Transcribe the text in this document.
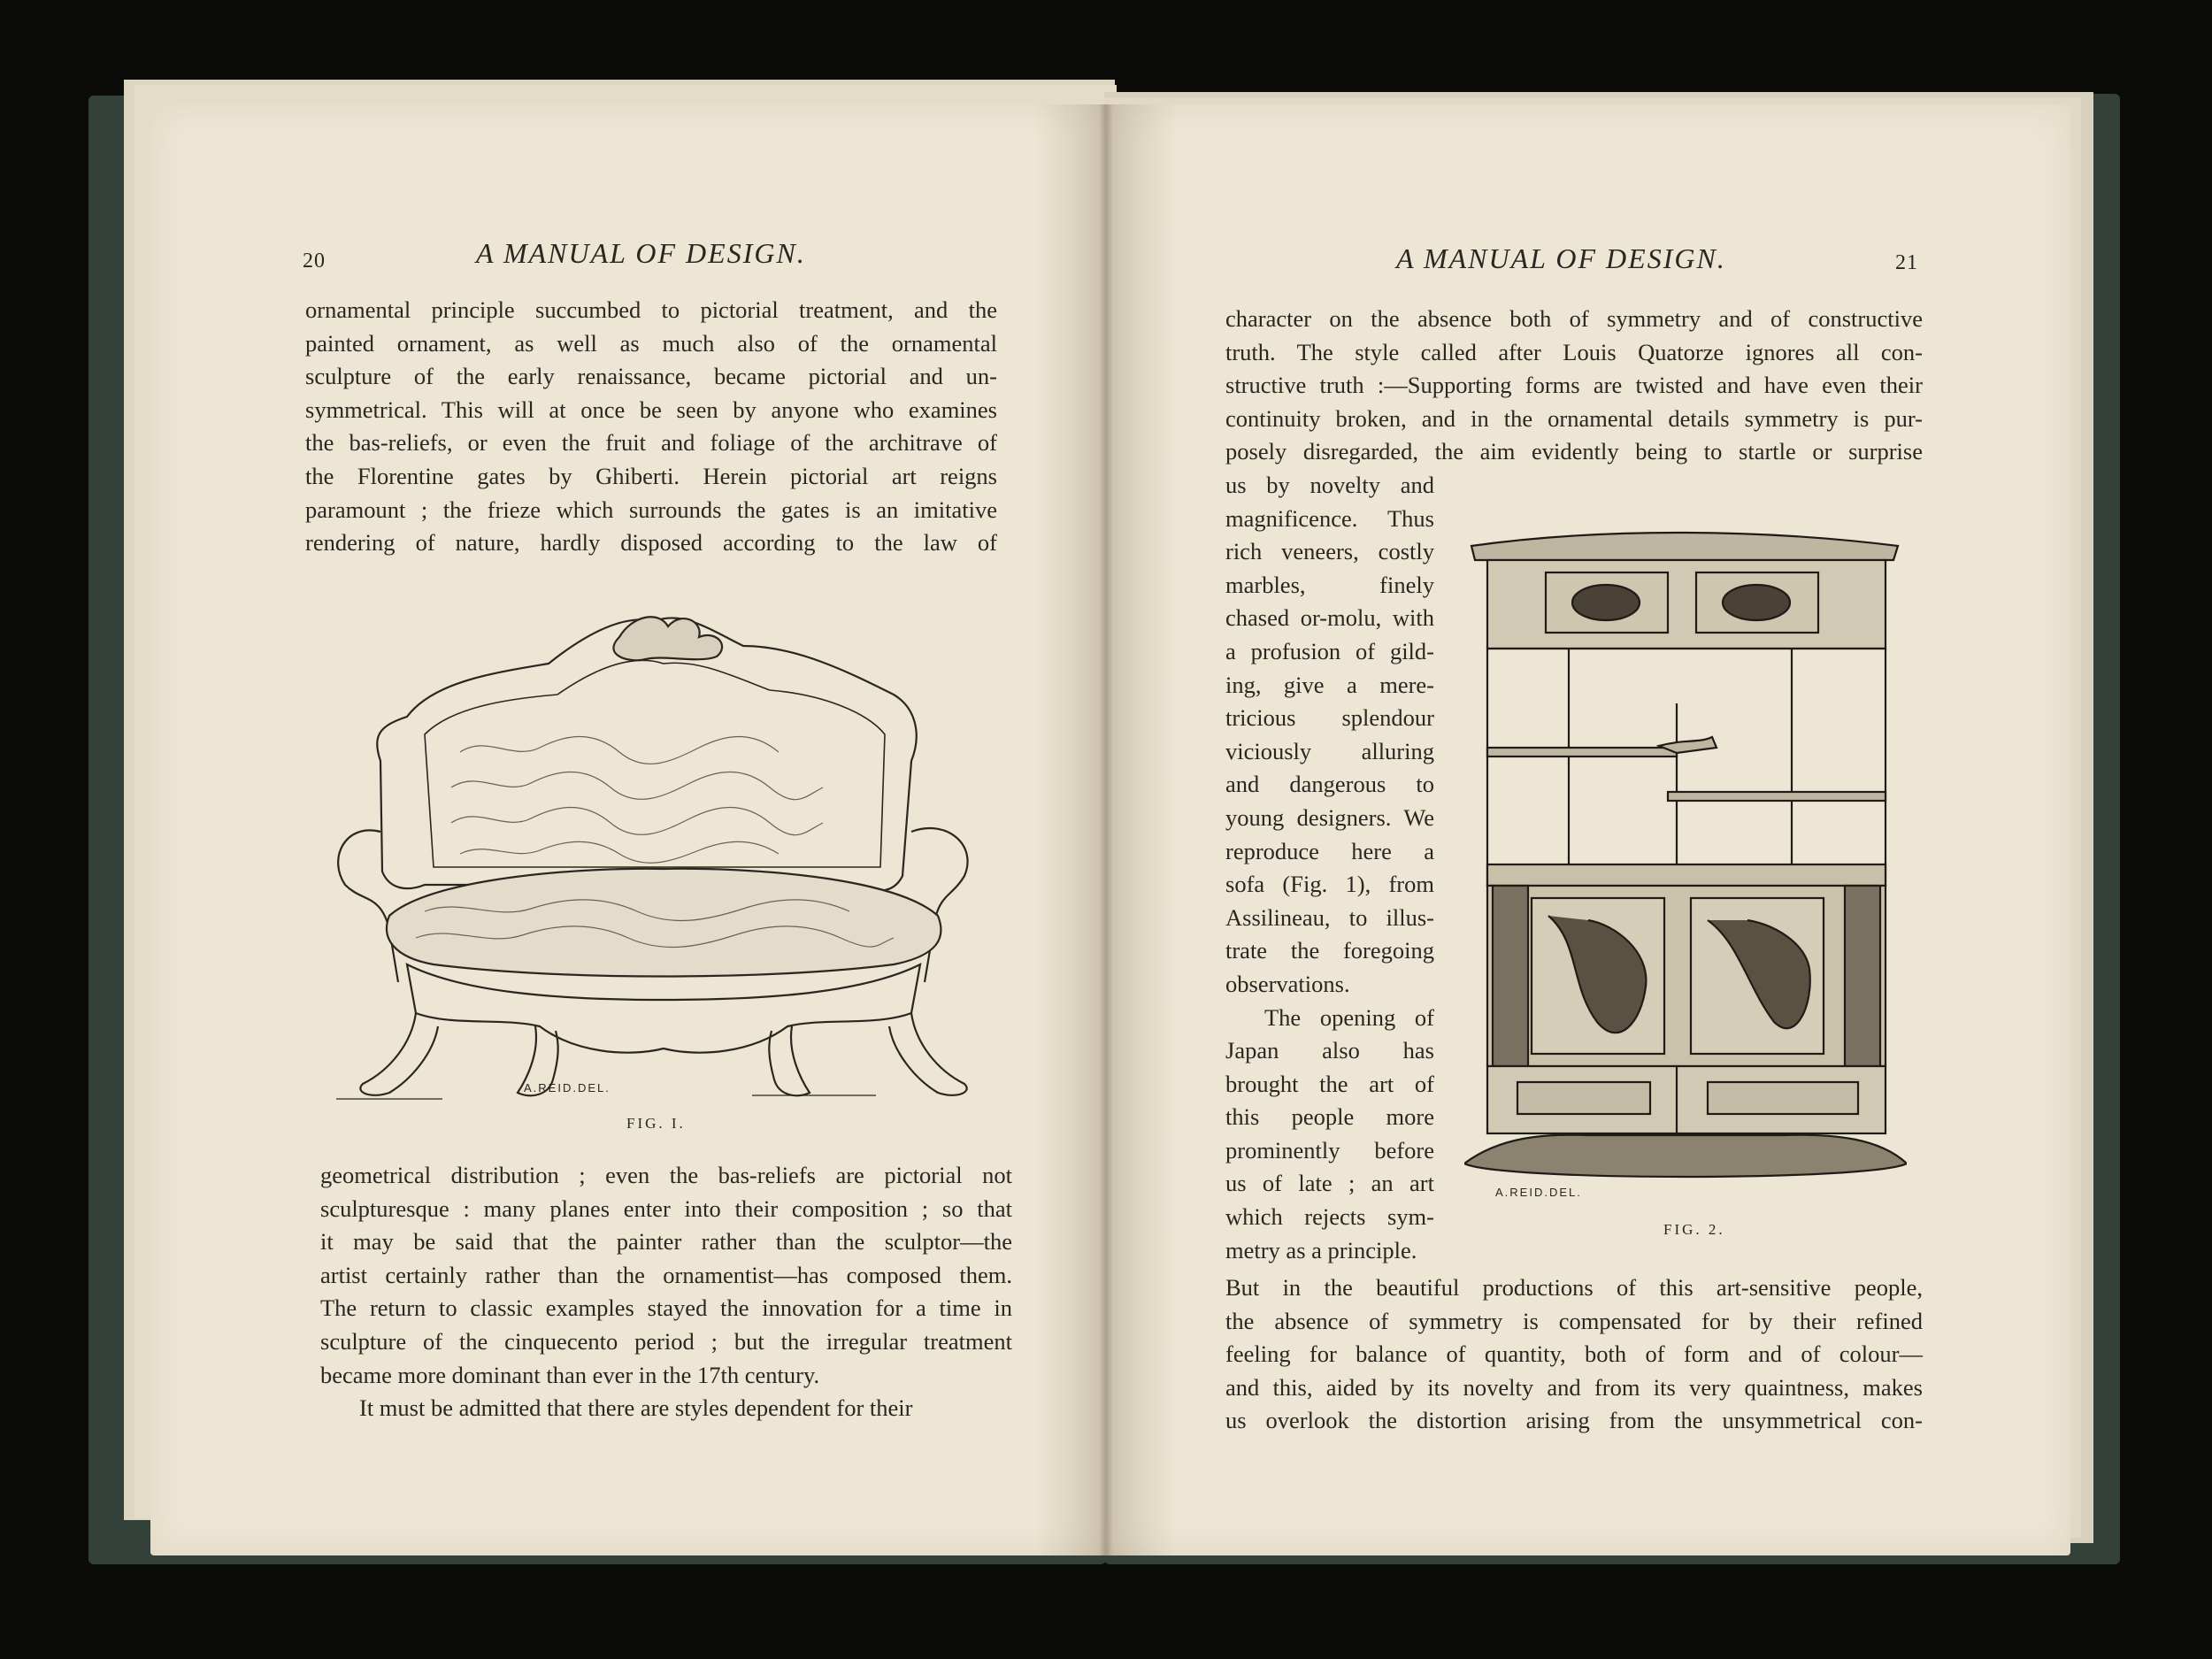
20	A MANUAL OF DESIGN.
ornamental principle succumbed to pictorial treatment, and the
painted ornament, as well as much also of the ornamental
sculpture of the early renaissance, became pictorial and un-
symmetrical. This will at once be seen by anyone who examines
the bas-reliefs, or even the fruit and foliage of the architrave of
the Florentine gates by Ghiberti. Herein pictorial art reigns
paramount ; the frieze which surrounds the gates is an imitative
rendering of nature, hardly disposed according to the law of
A.REID.DEL.
FIG. I.
geometrical distribution ; even the bas-reliefs are pictorial not
sculpturesque : many planes enter into their composition ; so that
it may be said that the painter rather than the sculptor—the
artist certainly rather than the ornamentist—has composed them.
The return to classic examples stayed the innovation for a time in
sculpture of the cinquecento period ; but the irregular treatment
became more dominant than ever in the 17th century.
It must be admitted that there are styles dependent for their
A MANUAL OF DESIGN.	21
character on the absence both of symmetry and of constructive
truth. The style called after Louis Quatorze ignores all con-
structive truth :—Supporting forms are twisted and have even their
continuity broken, and in the ornamental details symmetry is pur-
posely disregarded, the aim evidently being to startle or surprise
us by novelty and
magnificence. Thus
rich veneers, costly
marbles, finely
chased or-molu, with
a profusion of gild-
ing, give a mere-
tricious splendour
viciously alluring
and dangerous to
young designers. We
reproduce here a
sofa (Fig. 1), from
Assilineau, to illus-
trate the foregoing
observations.
The opening of
Japan also has
brought the art of
this people more
prominently before
us of late ; an art
which rejects sym-
metry as a principle.
A.REID.DEL.
FIG. 2.
But in the beautiful productions of this art-sensitive people,
the absence of symmetry is compensated for by their refined
feeling for balance of quantity, both of form and of colour—
and this, aided by its novelty and from its very quaintness, makes
us overlook the distortion arising from the unsymmetrical con-
